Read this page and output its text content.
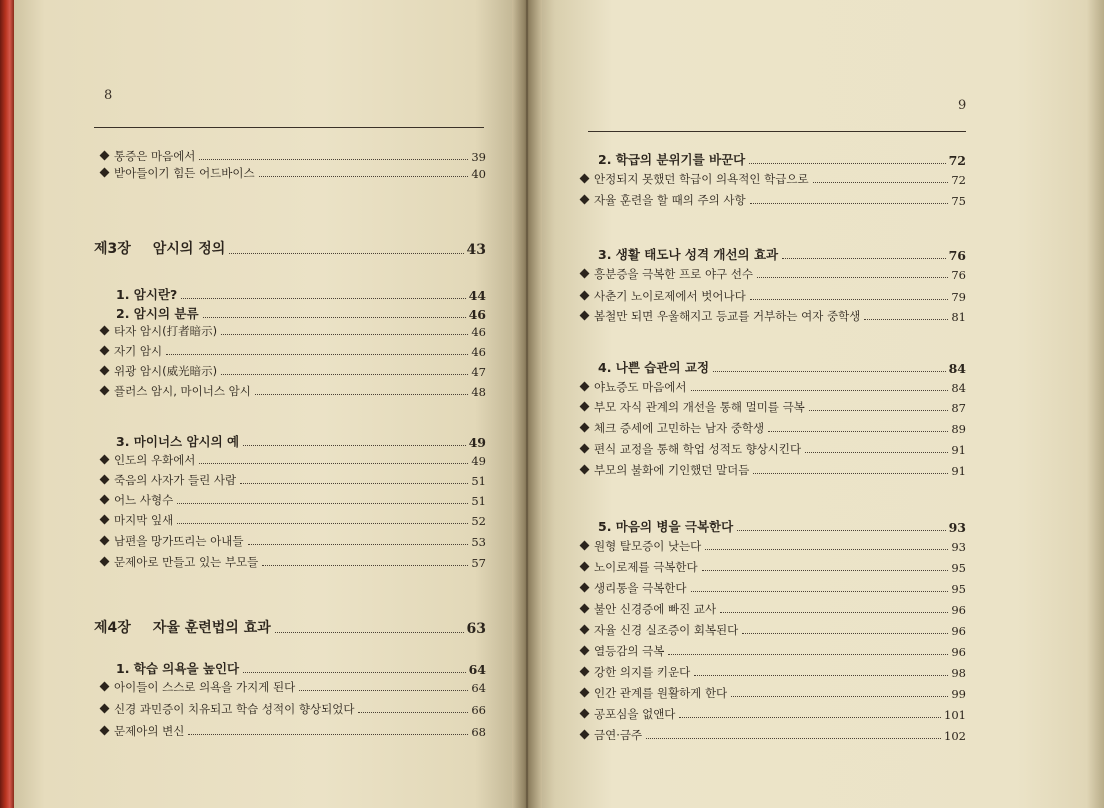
8
통증은 마음에서	39
받아들이기 힘든 어드바이스	40
제3장 암시의 정의	43
1. 암시란?	44
2. 암시의 분류	46
타자 암시(打者暗示)	46
자기 암시	46
위광 암시(威光暗示)	47
플러스 암시, 마이너스 암시	48
3. 마이너스 암시의 예	49
인도의 우화에서	49
죽음의 사자가 들린 사람	51
어느 사형수	51
마지막 잎새	52
남편을 망가뜨리는 아내들	53
문제아로 만들고 있는 부모들	57
제4장 자율 훈련법의 효과	63
1. 학습 의욕을 높인다	64
아이들이 스스로 의욕을 가지게 된다	64
신경 과민증이 치유되고 학습 성적이 향상되었다	66
문제아의 변신	68
9
2. 학급의 분위기를 바꾼다	72
안정되지 못했던 학급이 의욕적인 학급으로	72
자율 훈련을 할 때의 주의 사항	75
3. 생활 태도나 성격 개선의 효과	76
흥분증을 극복한 프로 야구 선수	76
사춘기 노이로제에서 벗어나다	79
봄철만 되면 우울해지고 등교를 거부하는 여자 중학생	81
4. 나쁜 습관의 교정	84
야뇨증도 마음에서	84
부모 자식 관계의 개선을 통해 멀미를 극복	87
체크 증세에 고민하는 남자 중학생	89
편식 교정을 통해 학업 성적도 향상시킨다	91
부모의 불화에 기인했던 말더듬	91
5. 마음의 병을 극복한다	93
원형 탈모증이 낫는다	93
노이로제를 극복한다	95
생리통을 극복한다	95
불안 신경증에 빠진 교사	96
자율 신경 실조증이 회복된다	96
열등감의 극복	96
강한 의지를 키운다	98
인간 관계를 원활하게 한다	99
공포심을 없앤다	101
금연·금주	102
